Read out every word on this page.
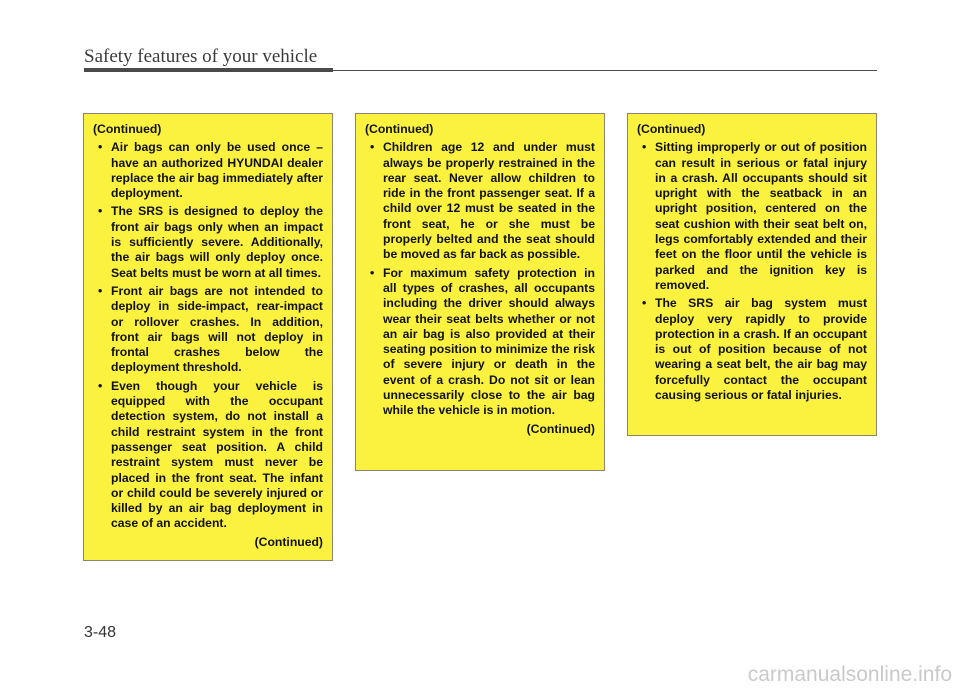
Safety features of your vehicle
(Continued)
• Air bags can only be used once – have an authorized HYUNDAI dealer replace the air bag immediately after deployment.
• The SRS is designed to deploy the front air bags only when an impact is sufficiently severe. Additionally, the air bags will only deploy once. Seat belts must be worn at all times.
• Front air bags are not intended to deploy in side-impact, rear-impact or rollover crashes. In addition, front air bags will not deploy in frontal crashes below the deployment threshold.
• Even though your vehicle is equipped with the occupant detection system, do not install a child restraint system in the front passenger seat position. A child restraint system must never be placed in the front seat. The infant or child could be severely injured or killed by an air bag deployment in case of an accident.
(Continued)
(Continued)
• Children age 12 and under must always be properly restrained in the rear seat. Never allow children to ride in the front passenger seat. If a child over 12 must be seated in the front seat, he or she must be properly belted and the seat should be moved as far back as possible.
• For maximum safety protection in all types of crashes, all occupants including the driver should always wear their seat belts whether or not an air bag is also provided at their seating position to minimize the risk of severe injury or death in the event of a crash. Do not sit or lean unnecessarily close to the air bag while the vehicle is in motion.
(Continued)
(Continued)
• Sitting improperly or out of position can result in serious or fatal injury in a crash. All occupants should sit upright with the seatback in an upright position, centered on the seat cushion with their seat belt on, legs comfortably extended and their feet on the floor until the vehicle is parked and the ignition key is removed.
• The SRS air bag system must deploy very rapidly to provide protection in a crash. If an occupant is out of position because of not wearing a seat belt, the air bag may forcefully contact the occupant causing serious or fatal injuries.
3-48
carmanualsonline.info
